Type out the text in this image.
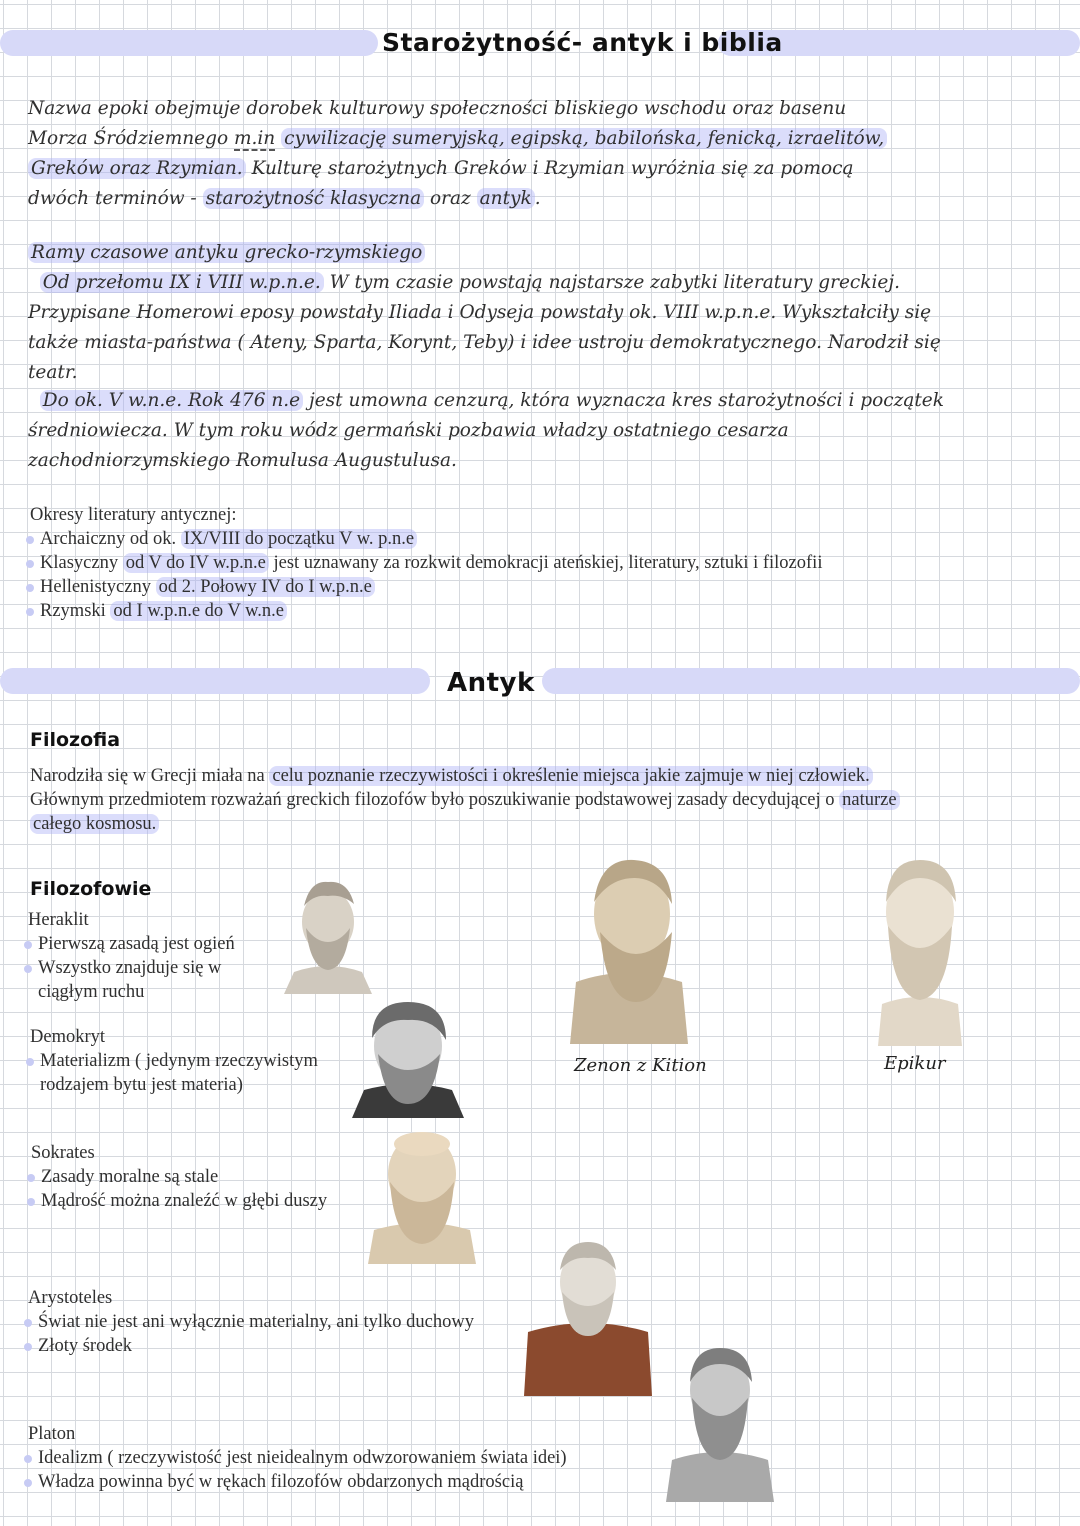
Starożytność- antyk i biblia
Nazwa epoki obejmuje dorobek kulturowy społeczności bliskiego wschodu oraz basenu Morza Śródziemnego m.in cywilizację sumeryjską, egipską, babilońska, fenicką, izraelitów, Greków oraz Rzymian. Kulturę starożytnych Greków i Rzymian wyróżnia się za pomocą dwóch terminów - starożytność klasyczna oraz antyk .
Ramy czasowe antyku grecko-rzymskiego
Od przełomu IX i VIII w.p.n.e. W tym czasie powstają najstarsze zabytki literatury greckiej. Przypisane Homerowi eposy powstały Iliada i Odyseja powstały ok. VIII w.p.n.e. Wykształciły się także miasta-państwa ( Ateny, Sparta, Korynt, Teby) i idee ustroju demokratycznego. Narodził się teatr.
Do ok. V w.n.e. Rok 476 n.e jest umowna cenzurą, która wyznacza kres starożytności i początek średniowiecza. W tym roku wódz germański pozbawia władzy ostatniego cesarza zachodniorzymskiego Romulusa Augustulusa.
Okresy literatury antycznej:
Archaiczny od ok. IX/VIII do początku V w. p.n.e
Klasyczny od V do IV w.p.n.e jest uznawany za rozkwit demokracji ateńskiej, literatury, sztuki i filozofii
Hellenistyczny od 2. Połowy IV do I w.p.n.e
Rzymski od I w.p.n.e do V w.n.e
Antyk
Filozofia
Narodziła się w Grecji miała na celu poznanie rzeczywistości i określenie miejsca jakie zajmuje w niej człowiek. Głównym przedmiotem rozważań greckich filozofów było poszukiwanie podstawowej zasady decydującej o naturze całego kosmosu.
Filozofowie
Heraklit
Pierwszą zasadą jest ogień
Wszystko znajduje się w ciągłym ruchu
Demokryt
Materializm ( jedynym rzeczywistym rodzajem bytu jest materia)
Sokrates
Zasady moralne są stale
Mądrość można znaleźć w głębi duszy
Arystoteles
Świat nie jest ani wyłącznie materialny, ani tylko duchowy
Złoty środek
Platon
Idealizm ( rzeczywistość jest nieidealnym odwzorowaniem świata idei)
Władza powinna być w rękach filozofów obdarzonych mądrością
Zenon z Kition	Epikur
